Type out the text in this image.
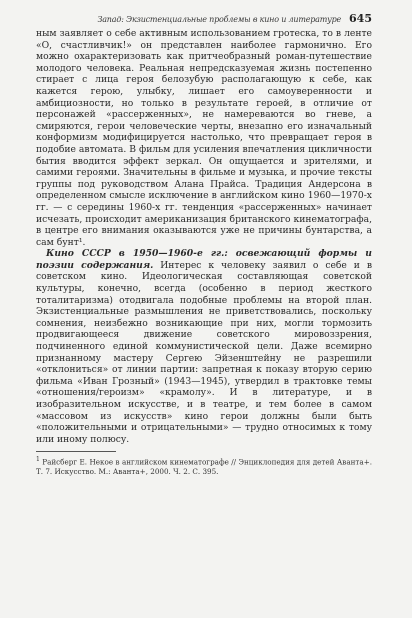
Запад: Экзистенциальные проблемы в кино и литературе 645

ным заявляет о себе активным использованием гротеска, то в ленте «О, счастливчик!» он представлен наиболее гармонично. Его можно охарактеризовать как притчеобразный роман-путешествие молодого человека. Реальная непредсказуемая жизнь постепенно стирает с лица героя белозубую располагающую к себе, как кажется герою, улыбку, лишает его самоуверенности и амбициозности, но только в результате героей, в отличие от персонажей «рассерженных», не намереваются во гневе, а смиряются, герои человеческие черты, внезапно его изначальный конформизм модифицируется настолько, что превращает героя в подобие автомата. В фильм для усиления впечатления цикличности бытия вводится эффект зеркал. Он ощущается и зрителями, и самими героями. Значительны в фильме и музыка, и прочие тексты группы под руководством Алана Прайса. Традиция Андерсона в определенном смысле исключение в английском кино 1960—1970-х гг. — с середины 1960-х гг. тенденция «рассерженных» начинает исчезать, происходит американизация британского кинематографа, в центре его внимания оказываются уже не причины бунтарства, а сам бунт¹.

Кино СССР в 1950—1960-е гг.: освежающий формы и поэзии содержания. Интерес к человеку заявил о себе и в советском кино. Идеологическая составляющая советской культуры, конечно, всегда (особенно в период жесткого тоталитаризма) отодвигала подобные проблемы на второй план. Экзистенциальные размышления не приветствовались, поскольку сомнения, неизбежно возникающие при них, могли тормозить продвигающееся движение советского мировоззрения, подчиненного единой коммунистической цели. Даже всемирно признанному мастеру Сергею Эйзенштейну не разрешили «отклониться» от линии партии: запретная к показу вторую серию фильма «Иван Грозный» (1943—1945), утвердил в трактовке темы «отношения/героизм» «крамолу». И в литературе, и в изобразительном искусстве, и в театре, и тем более в самом «массовом из искусств» кино герои должны были быть «положительными и отрицательными» — трудно относимых к тому или иному полюсу.

$^1$ Райсберг Е. Некое в английском кинематографе // Энциклопедия для детей Аванта+. Т. 7. Искусство. М.: Аванта+, 2000. Ч. 2. С. 395.
